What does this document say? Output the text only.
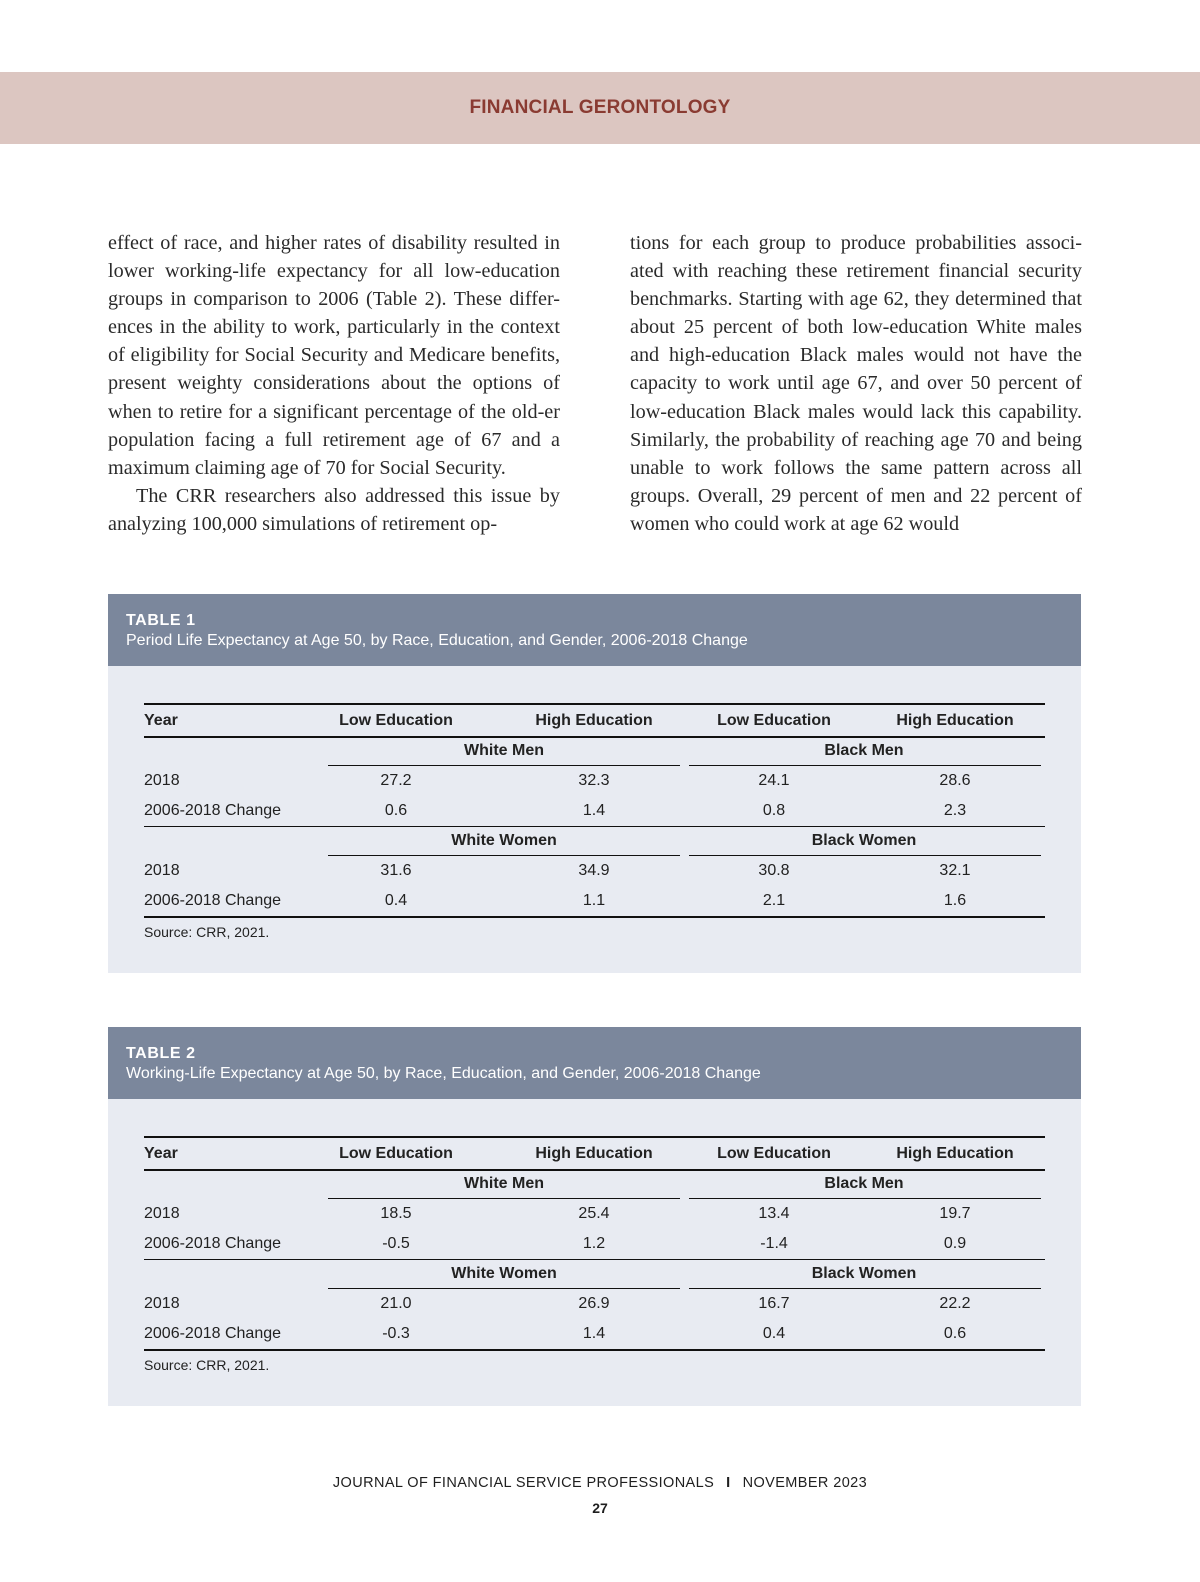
FINANCIAL GERONTOLOGY

effect of race, and higher rates of disability resulted in lower working-life expectancy for all low-education groups in comparison to 2006 (Table 2). These differ-ences in the ability to work, particularly in the context of eligibility for Social Security and Medicare benefits, present weighty considerations about the options of when to retire for a significant percentage of the old-er population facing a full retirement age of 67 and a maximum claiming age of 70 for Social Security.

The CRR researchers also addressed this issue by analyzing 100,000 simulations of retirement op-

tions for each group to produce probabilities associ-ated with reaching these retirement financial security benchmarks. Starting with age 62, they determined that about 25 percent of both low-education White males and high-education Black males would not have the capacity to work until age 67, and over 50 percent of low-education Black males would lack this capability. Similarly, the probability of reaching age 70 and being unable to work follows the same pattern across all groups. Overall, 29 percent of men and 22 percent of women who could work at age 62 would

TABLE 1
Period Life Expectancy at Age 50, by Race, Education, and Gender, 2006-2018 Change
Year	Low Education	High Education	Low Education	High Education
White Men	Black Men
2018	27.2	32.3	24.1	28.6
2006-2018 Change	0.6	1.4	0.8	2.3
White Women	Black Women
2018	31.6	34.9	30.8	32.1
2006-2018 Change	0.4	1.1	2.1	1.6
Source: CRR, 2021.
TABLE 2
Working-Life Expectancy at Age 50, by Race, Education, and Gender, 2006-2018 Change
Year	Low Education	High Education	Low Education	High Education
White Men	Black Men
2018	18.5	25.4	13.4	19.7
2006-2018 Change	-0.5	1.2	-1.4	0.9
White Women	Black Women
2018	21.0	26.9	16.7	22.2
2006-2018 Change	-0.3	1.4	0.4	0.6
Source: CRR, 2021.
JOURNAL OF FINANCIAL SERVICE PROFESSIONALS I NOVEMBER 2023
27
